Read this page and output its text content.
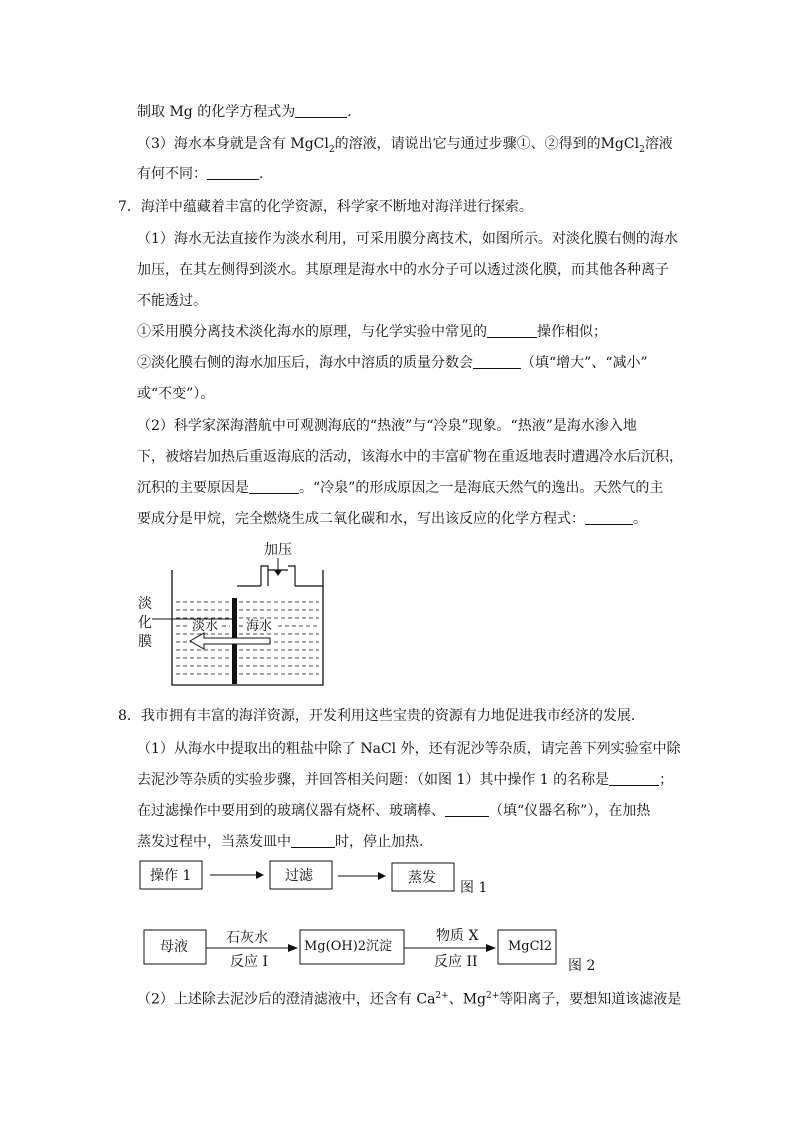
制取 Mg 的化学方程式为	.
（3）海水本身就是含有 MgCl$_2$的溶液，请说出它与通过步骤①、②得到的MgCl$_2$溶液
有何不同：	.
7．海洋中蕴藏着丰富的化学资源，科学家不断地对海洋进行探索。
（1）海水无法直接作为淡水利用，可采用膜分离技术，如图所示。对淡化膜右侧的海水
加压，在其左侧得到淡水。其原理是海水中的水分子可以透过淡化膜，而其他各种离子
不能透过。
①采用膜分离技术淡化海水的原理，与化学实验中常见的	操作相似；
②淡化膜右侧的海水加压后，海水中溶质的质量分数会	（填“增大”、“减小”
或“不变”）。
（2）科学家深海潜航中可观测海底的“热液”与“冷泉”现象。“热液”是海水渗入地
下，被熔岩加热后重返海底的活动，该海水中的丰富矿物在重返地表时遭遇冷水后沉积，
沉积的主要原因是	。“冷泉”的形成原因之一是海底天然气的逸出。天然气的主
要成分是甲烷，完全燃烧生成二氧化碳和水，写出该反应的化学方程式：	。
加压
淡
化
膜
淡水 海水
8．我市拥有丰富的海洋资源，开发利用这些宝贵的资源有力地促进我市经济的发展．
（1）从海水中提取出的粗盐中除了 NaCl 外，还有泥沙等杂质，请完善下列实验室中除
去泥沙等杂质的实验步骤，并回答相关问题：（如图 1）其中操作 1 的名称是	；
在过滤操作中要用到的玻璃仪器有烧杯、玻璃棒、	（填“仪器名称”），在加热
蒸发过程中，当蒸发皿中	时，停止加热．
操作 1	过滤	蒸发
图 1
母液
石灰水
反应 I
Mg(OH)2沉淀
物质 X
反应 II
MgCl2
图 2
（2）上述除去泥沙后的澄清滤液中，还含有 $Ca^{2+}$、$Mg^{2+}$等阳离子，要想知道该滤液是
